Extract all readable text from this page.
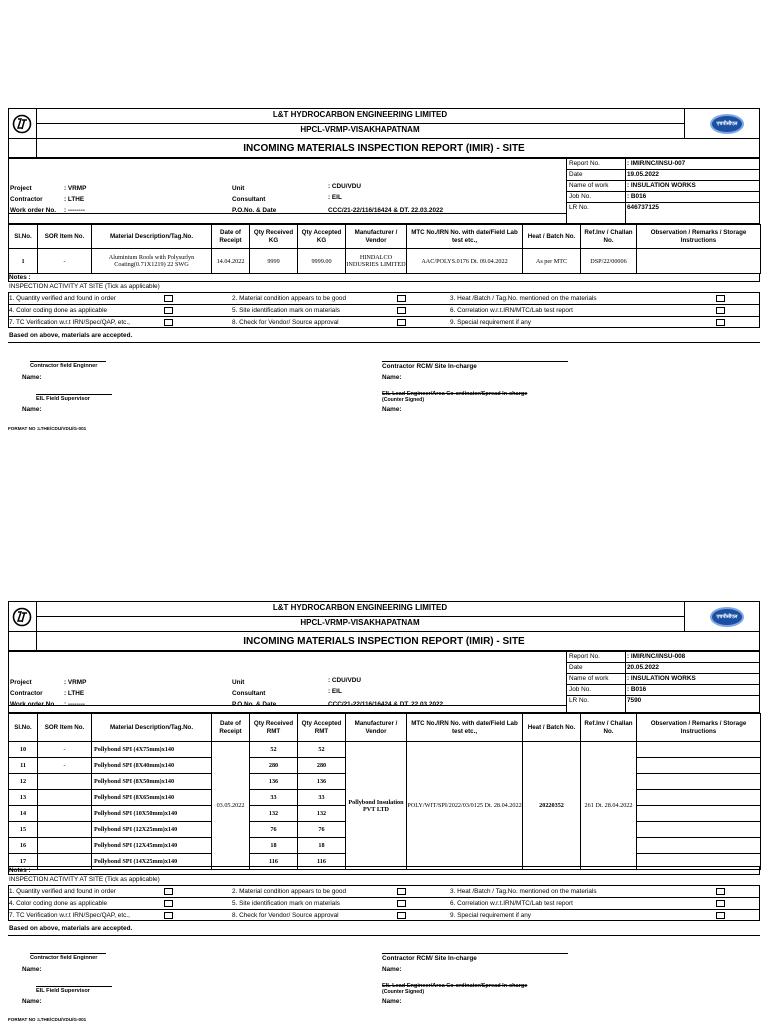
L&T HYDROCARBON ENGINEERING LIMITED
HPCL-VRMP-VISAKHAPATNAM
एचपीसीएल
INCOMING MATERIALS INSPECTION REPORT (IMIR) - SITE
Report No.	: IMIR/NC/INSU-007
Date	19.05.2022
Name of work	: INSULATION WORKS
Job No.	: B016
LR No.	646737125
Project	: VRMP
Contractor	: LTHE
Work order No. : --------
Unit	: CDU/VDU
Consultant	: EIL
P.O.No. & Date	CCC/21-22/116/16424 & DT. 22.03.2022
Sl.No.	SOR Item No.	Material Description/Tag.No.	Date of Receipt	Qty Received KG	Qty Accepted KG	Manufacturer / Vendor	MTC No./IRN No. with date/Field Lab test etc.,	Heat / Batch No.	Ref.Inv / Challan No.	Observation / Remarks / Storage Instructions
1	-	Aluminium Rools with Polysurlyn Coating(0.71X1219) 22 SWG	14.04.2022	9999	9999.00	HINDALCO INDUSRIES LIMITED	AAC/POLYS.0176 Dt. 09.04.2022	As per MTC	DSP/22/00006	
Notes :
INSPECTION ACTIVITY AT SITE (Tick as applicable)
1. Quantity verified and found in order	2. Material condition appears to be good	3. Heat /Batch / Tag.No. mentioned on the materials
4. Color coding done as applicable	5. Site identification mark on materials	6. Correlation w.r.t.IRN/MTC/Lab test report
7. TC Verification w.r.t IRN/Spec/QAP, etc.,	8. Check for Vendor/ Source approval	9. Special requirement if any
Based on above, materials are accepted.
Contractor field Enginner
Name:
Contractor RCM/ Site In-charge
Name:
EIL Field Supervisor
Name:
EIL Lead Engineer/Area Co-ordinator/Spread In-charge
(Counter Signed)
Name:
FORMAT NO :LTHE/CDU/VDU/G-001
L&T HYDROCARBON ENGINEERING LIMITED
HPCL-VRMP-VISAKHAPATNAM
एचपीसीएल
INCOMING MATERIALS INSPECTION REPORT (IMIR) - SITE
Report No.	: IMIR/NC/INSU-008
Date	20.05.2022
Name of work	: INSULATION WORKS
Job No.	: B016
LR No.	7590
Project	: VRMP
Contractor	: LTHE
Work order No. : --------
Unit	: CDU/VDU
Consultant	: EIL
P.O.No. & Date	CCC/21-22/116/16424 & DT. 22.03.2022
Sl.No.	SOR Item No.	Material Description/Tag.No.	Date of Receipt	Qty Received RMT	Qty Accepted RMT	Manufacturer / Vendor	MTC No./IRN No. with date/Field Lab test etc.,	Heat / Batch No.	Ref.Inv / Challan No.	Observation / Remarks / Storage Instructions
10	-	Pollybond SPI (4X75mm)x140	03.05.2022	52	52	Pollybond Insulation PVT LTD	POLY/WIT/SPI/2022/03/0125 Dt. 28.04.2022	20220352	261 Dt. 28.04.2022	
11	-	Pollybond SPI (8X40mm)x140		280	280					
12		Pollybond SPI (8X50mm)x140		136	136					
13		Pollybond SPI (8X65mm)x140		33	33					
14		Pollybond SPI (10X50mm)x140		132	132					
15		Pollybond SPI (12X25mm)x140		76	76					
16		Pollybond SPI (12X45mm)x140		18	18					
17		Pollybond SPI (14X25mm)x140		116	116					
Notes :
INSPECTION ACTIVITY AT SITE (Tick as applicable)
1. Quantity verified and found in order	2. Material condition appears to be good	3. Heat /Batch / Tag.No. mentioned on the materials
4. Color coding done as applicable	5. Site identification mark on materials	6. Correlation w.r.t.IRN/MTC/Lab test report
7. TC Verification w.r.t IRN/Spec/QAP, etc.,	8. Check for Vendor/ Source approval	9. Special requirement if any
Based on above, materials are accepted.
Contractor field Enginner
Name:
Contractor RCM/ Site In-charge
Name:
EIL Field Supervisor
Name:
EIL Lead Engineer/Area Co-ordinator/Spread In-charge
(Counter Signed)
Name:
FORMAT NO :LTHE/CDU/VDU/G-001
